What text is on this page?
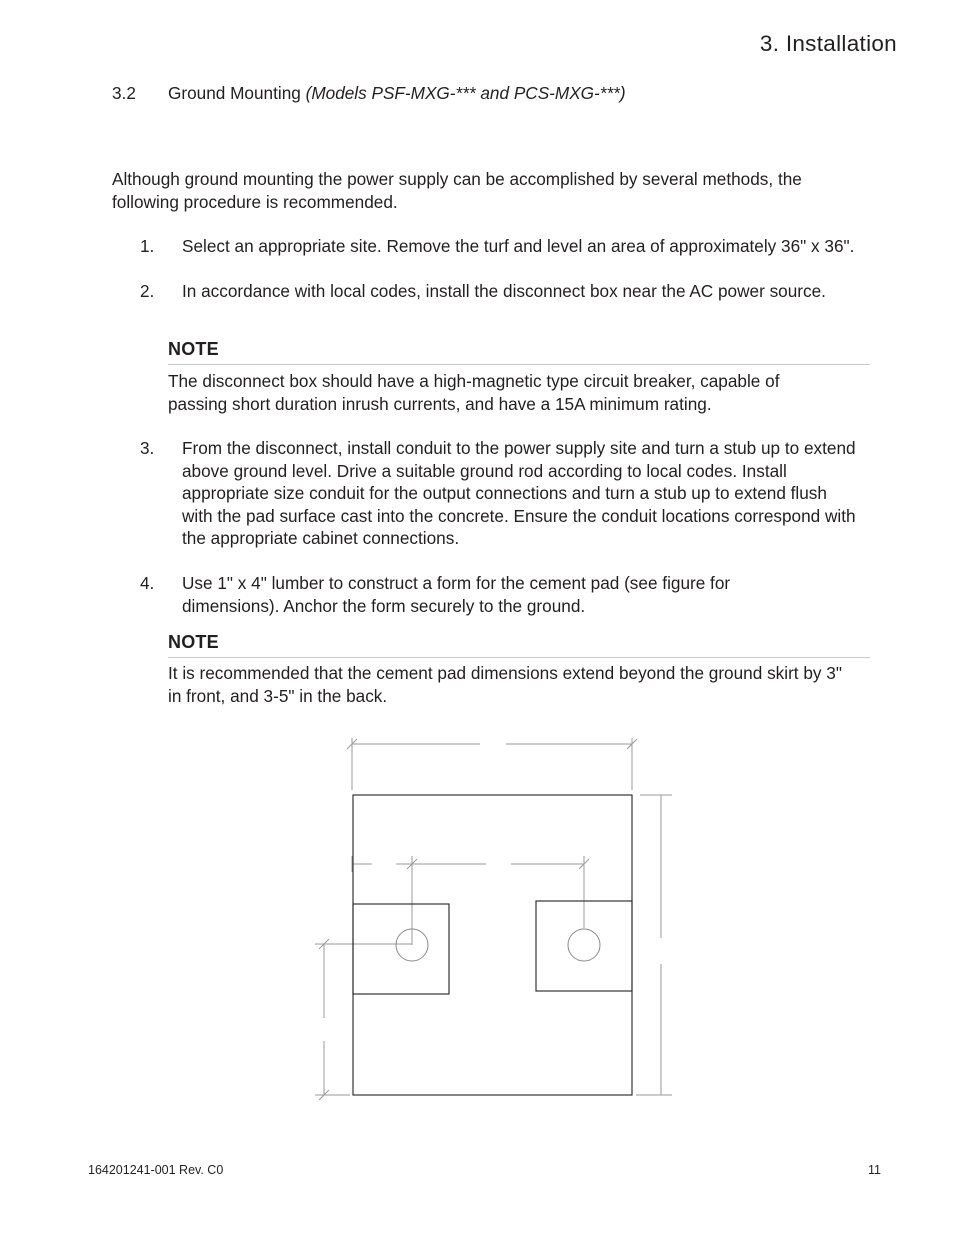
3. Installation
3.2 Ground Mounting (Models PSF-MXG-*** and PCS-MXG-***)
Although ground mounting the power supply can be accomplished by several methods, the following procedure is recommended.
1. Select an appropriate site. Remove the turf and level an area of approximately 36" x 36".
2. In accordance with local codes, install the disconnect box near the AC power source.
NOTE
The disconnect box should have a high-magnetic type circuit breaker, capable of passing short duration inrush currents, and have a 15A minimum rating.
3. From the disconnect, install conduit to the power supply site and turn a stub up to extend above ground level. Drive a suitable ground rod according to local codes. Install appropriate size conduit for the output connections and turn a stub up to extend flush with the pad surface cast into the concrete. Ensure the conduit locations correspond with the appropriate cabinet connections.
4. Use 1" x 4" lumber to construct a form for the cement pad (see figure for dimensions). Anchor the form securely to the ground.
NOTE
It is recommended that the cement pad dimensions extend beyond the ground skirt by 3" in front, and 3-5" in the back.
164201241-001 Rev. C0	11
